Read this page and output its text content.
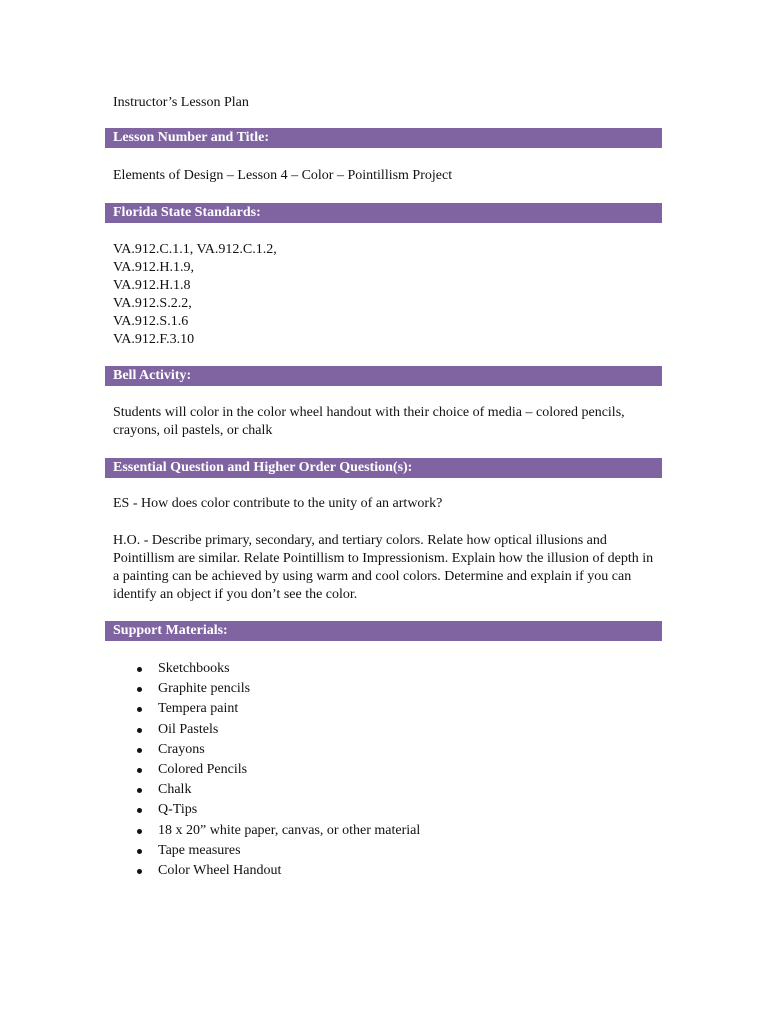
Instructor’s Lesson Plan
Lesson Number and Title:

Elements of Design – Lesson 4 – Color – Pointillism Project

Florida State Standards:

VA.912.C.1.1, VA.912.C.1.2,

VA.912.H.1.9,

VA.912.H.1.8

VA.912.S.2.2,

VA.912.S.1.6

VA.912.F.3.10

Bell Activity:

Students will color in the color wheel handout with their choice of media – colored pencils, crayons, oil pastels, or chalk

Essential Question and Higher Order Question(s):

ES - How does color contribute to the unity of an artwork?

H.O. - Describe primary, secondary, and tertiary colors. Relate how optical illusions and Pointillism are similar. Relate Pointillism to Impressionism. Explain how the illusion of depth in a painting can be achieved by using warm and cool colors. Determine and explain if you can identify an object if you don’t see the color.

Support Materials:
Sketchbooks
Graphite pencils
Tempera paint
Oil Pastels
Crayons
Colored Pencils
Chalk
Q-Tips
18 x 20” white paper, canvas, or other material
Tape measures
Color Wheel Handout
